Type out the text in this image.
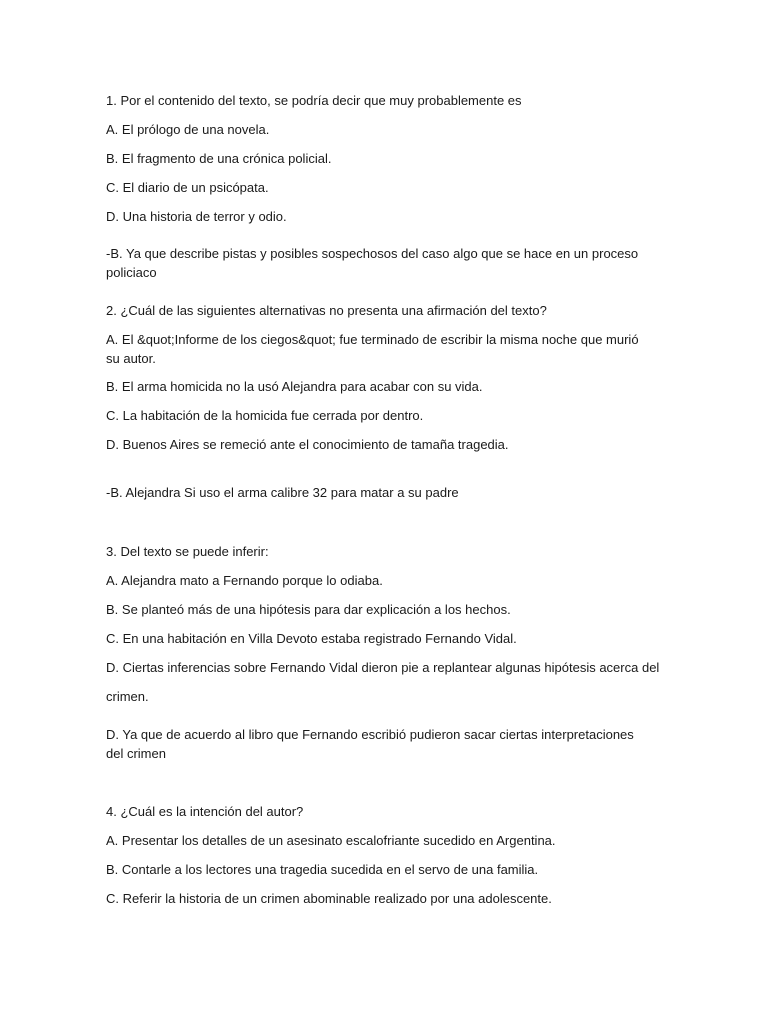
1. Por el contenido del texto, se podría decir que muy probablemente es
A. El prólogo de una novela.
B. El fragmento de una crónica policial.
C. El diario de un psicópata.
D. Una historia de terror y odio.
-B. Ya que describe pistas y posibles sospechosos del caso algo que se hace en un proceso policiaco
2. ¿Cuál de las siguientes alternativas no presenta una afirmación del texto?
A. El &quot;Informe de los ciegos&quot; fue terminado de escribir la misma noche que murió su autor.
B. El arma homicida no la usó Alejandra para acabar con su vida.
C. La habitación de la homicida fue cerrada por dentro.
D. Buenos Aires se remeció ante el conocimiento de tamaña tragedia.
-B. Alejandra Si uso el arma calibre 32 para matar a su padre
3. Del texto se puede inferir:
A. Alejandra mato a Fernando porque lo odiaba.
B. Se planteó más de una hipótesis para dar explicación a los hechos.
C. En una habitación en Villa Devoto estaba registrado Fernando Vidal.
D. Ciertas inferencias sobre Fernando Vidal dieron pie a replantear algunas hipótesis acerca del
crimen.
D. Ya que de acuerdo al libro que Fernando escribió pudieron sacar ciertas interpretaciones del crimen
4. ¿Cuál es la intención del autor?
A. Presentar los detalles de un asesinato escalofriante sucedido en Argentina.
B. Contarle a los lectores una tragedia sucedida en el servo de una familia.
C. Referir la historia de un crimen abominable realizado por una adolescente.
